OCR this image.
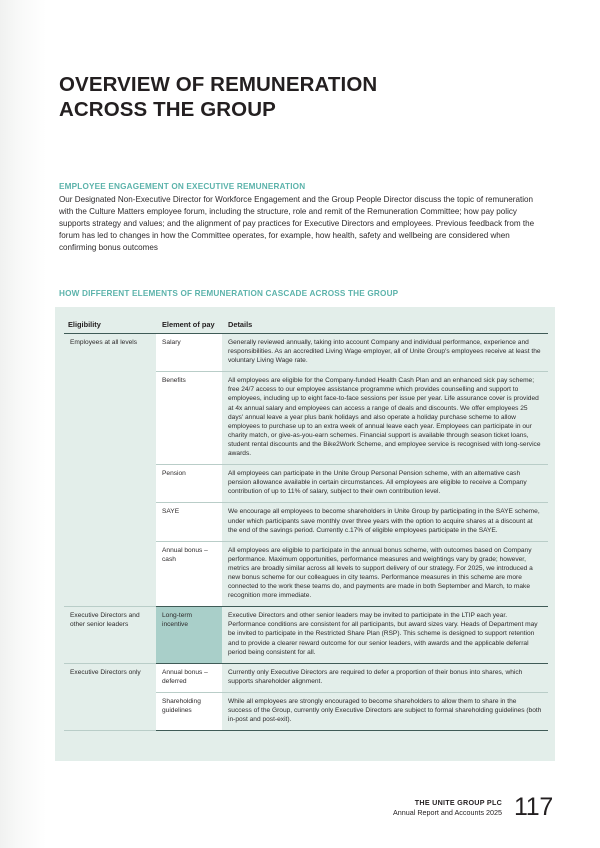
OVERVIEW OF REMUNERATION
ACROSS THE GROUP
EMPLOYEE ENGAGEMENT ON EXECUTIVE REMUNERATION

Our Designated Non-Executive Director for Workforce Engagement and the Group People Director discuss the topic of remuneration with the Culture Matters employee forum, including the structure, role and remit of the Remuneration Committee; how pay policy supports strategy and values; and the alignment of pay practices for Executive Directors and employees. Previous feedback from the forum has led to changes in how the Committee operates, for example, how health, safety and wellbeing are considered when confirming bonus outcomes

HOW DIFFERENT ELEMENTS OF REMUNERATION CASCADE ACROSS THE GROUP
Eligibility	Element of pay	Details
Employees at all levels	Salary	Generally reviewed annually, taking into account Company and individual performance, experience and responsibilities. As an accredited Living Wage employer, all of Unite Group's employees receive at least the voluntary Living Wage rate.
	Benefits	All employees are eligible for the Company-funded Health Cash Plan and an enhanced sick pay scheme; free 24/7 access to our employee assistance programme which provides counselling and support to employees, including up to eight face-to-face sessions per issue per year. Life assurance cover is provided at 4x annual salary and employees can access a range of deals and discounts. We offer employees 25 days' annual leave a year plus bank holidays and also operate a holiday purchase scheme to allow employees to purchase up to an extra week of annual leave each year. Employees can participate in our charity match, or give-as-you-earn schemes. Financial support is available through season ticket loans, student rental discounts and the Bike2Work Scheme, and employee service is recognised with long-service awards.
	Pension	All employees can participate in the Unite Group Personal Pension scheme, with an alternative cash pension allowance available in certain circumstances. All employees are eligible to receive a Company contribution of up to 11% of salary, subject to their own contribution level.
	SAYE	We encourage all employees to become shareholders in Unite Group by participating in the SAYE scheme, under which participants save monthly over three years with the option to acquire shares at a discount at the end of the savings period. Currently c.17% of eligible employees participate in the SAYE.
	Annual bonus – cash	All employees are eligible to participate in the annual bonus scheme, with outcomes based on Company performance. Maximum opportunities, performance measures and weightings vary by grade; however, metrics are broadly similar across all levels to support delivery of our strategy. For 2025, we introduced a new bonus scheme for our colleagues in city teams. Performance measures in this scheme are more connected to the work these teams do, and payments are made in both September and March, to make recognition more immediate.
Executive Directors and other senior leaders	Long-term incentive	Executive Directors and other senior leaders may be invited to participate in the LTIP each year. Performance conditions are consistent for all participants, but award sizes vary. Heads of Department may be invited to participate in the Restricted Share Plan (RSP). This scheme is designed to support retention and to provide a clearer reward outcome for our senior leaders, with awards and the applicable deferral period being consistent for all.
Executive Directors only	Annual bonus – deferred	Currently only Executive Directors are required to defer a proportion of their bonus into shares, which supports shareholder alignment.
	Shareholding guidelines	While all employees are strongly encouraged to become shareholders to allow them to share in the success of the Group, currently only Executive Directors are subject to formal shareholding guidelines (both in-post and post-exit).
THE UNITE GROUP PLC
Annual Report and Accounts 2025 117
